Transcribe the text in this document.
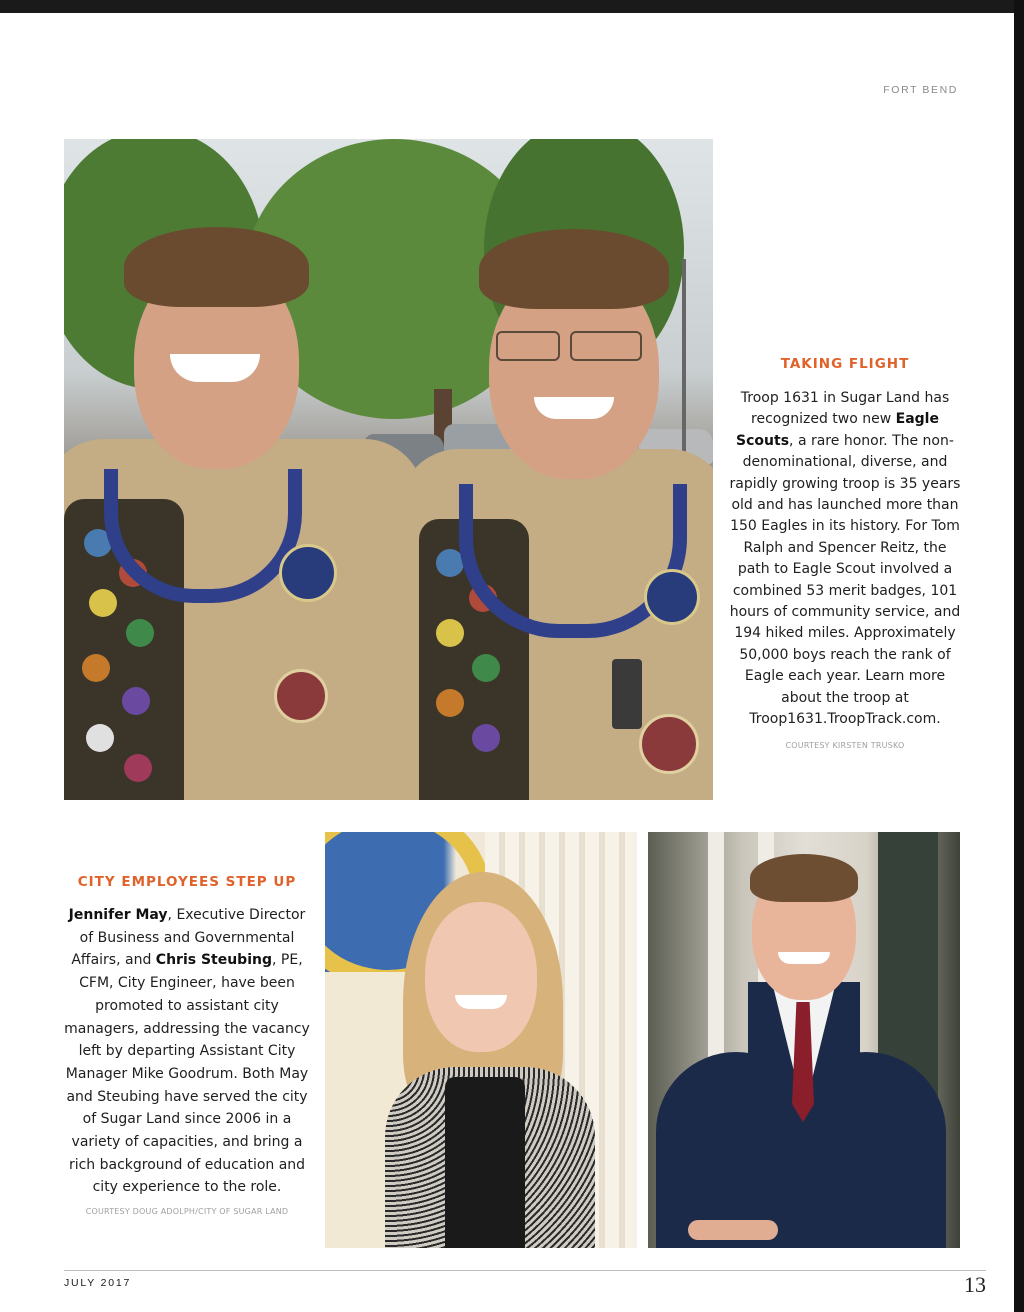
FORT BEND
TAKING FLIGHT
Troop 1631 in Sugar Land has recognized two new Eagle Scouts, a rare honor. The non-denominational, diverse, and rapidly growing troop is 35 years old and has launched more than 150 Eagles in its history. For Tom Ralph and Spencer Reitz, the path to Eagle Scout involved a combined 53 merit badges, 101 hours of community service, and 194 hiked miles. Approximately 50,000 boys reach the rank of Eagle each year. Learn more about the troop at Troop1631.TroopTrack.com.
COURTESY KIRSTEN TRUSKO
CITY EMPLOYEES STEP UP
Jennifer May, Executive Director of Business and Governmental Affairs, and Chris Steubing, PE, CFM, City Engineer, have been promoted to assistant city managers, addressing the vacancy left by departing Assistant City Manager Mike Goodrum. Both May and Steubing have served the city of Sugar Land since 2006 in a variety of capacities, and bring a rich background of education and city experience to the role.
COURTESY DOUG ADOLPH/CITY OF SUGAR LAND
JULY 2017	13
